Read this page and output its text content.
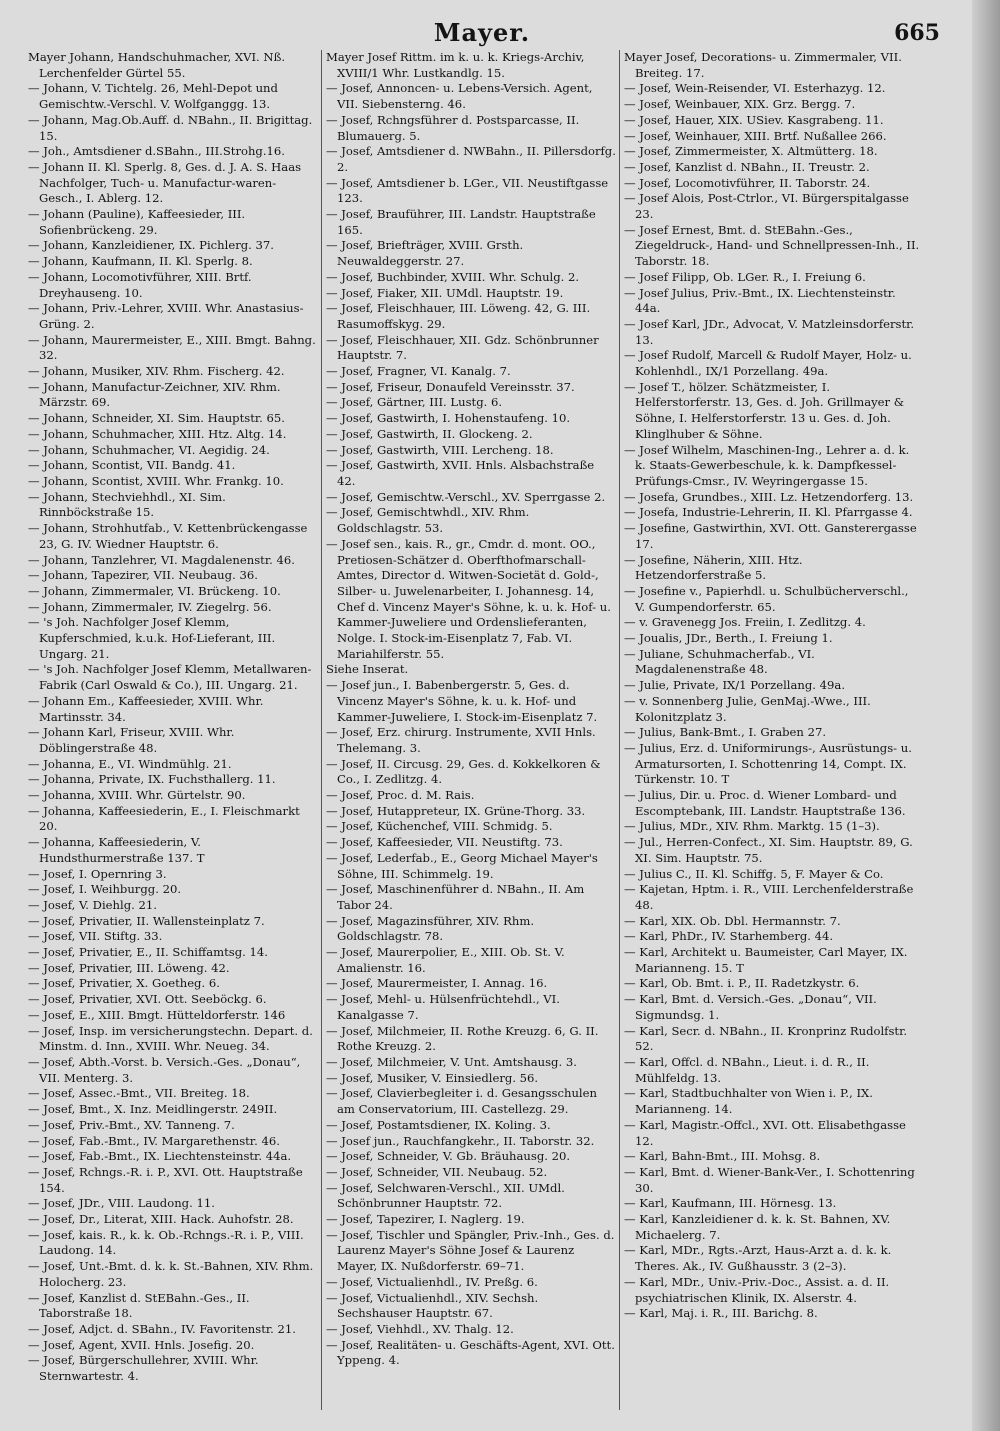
Mayer.	665

Mayer Johann, Handschuhmacher, XVI. Nß. Lerchenfelder Gürtel 55.

— Johann, V. Tichtelg. 26, Mehl-Depot und Gemischtw.-Verschl. V. Wolfganggg. 13.

— Johann, Mag.Ob.Auff. d. NBahn., II. Brigittag. 15.

— Joh., Amtsdiener d.SBahn., III.Strohg.16.

— Johann II. Kl. Sperlg. 8, Ges. d. J. A. S. Haas Nachfolger, Tuch- u. Manufactur-waren-Gesch., I. Ablerg. 12.

— Johann (Pauline), Kaffeesieder, III. Sofienbrückeng. 29.

— Johann, Kanzleidiener, IX. Pichlerg. 37.

— Johann, Kaufmann, II. Kl. Sperlg. 8.

— Johann, Locomotivführer, XIII. Brtf. Dreyhauseng. 10.

— Johann, Priv.-Lehrer, XVIII. Whr. Anastasius-Grüng. 2.

— Johann, Maurermeister, E., XIII. Bmgt. Bahng. 32.

— Johann, Musiker, XIV. Rhm. Fischerg. 42.

— Johann, Manufactur-Zeichner, XIV. Rhm. Märzstr. 69.

— Johann, Schneider, XI. Sim. Hauptstr. 65.

— Johann, Schuhmacher, XIII. Htz. Altg. 14.

— Johann, Schuhmacher, VI. Aegidig. 24.

— Johann, Scontist, VII. Bandg. 41.

— Johann, Scontist, XVIII. Whr. Frankg. 10.

— Johann, Stechviehhdl., XI. Sim. Rinnböckstraße 15.

— Johann, Strohhutfab., V. Kettenbrückengasse 23, G. IV. Wiedner Hauptstr. 6.

— Johann, Tanzlehrer, VI. Magdalenenstr. 46.

— Johann, Tapezirer, VII. Neubaug. 36.

— Johann, Zimmermaler, VI. Brückeng. 10.

— Johann, Zimmermaler, IV. Ziegelrg. 56.

— 's Joh. Nachfolger Josef Klemm, Kupferschmied, k.u.k. Hof-Lieferant, III. Ungarg. 21.

— 's Joh. Nachfolger Josef Klemm, Metallwaren-Fabrik (Carl Oswald & Co.), III. Ungarg. 21.

— Johann Em., Kaffeesieder, XVIII. Whr. Martinsstr. 34.

— Johann Karl, Friseur, XVIII. Whr. Döblingerstraße 48.

— Johanna, E., VI. Windmühlg. 21.

— Johanna, Private, IX. Fuchsthallerg. 11.

— Johanna, XVIII. Whr. Gürtelstr. 90.

— Johanna, Kaffeesiederin, E., I. Fleischmarkt 20.

— Johanna, Kaffeesiederin, V. Hundsthurmerstraße 137. T

— Josef, I. Opernring 3.

— Josef, I. Weihburgg. 20.

— Josef, V. Diehlg. 21.

— Josef, Privatier, II. Wallensteinplatz 7.

— Josef, VII. Stiftg. 33.

— Josef, Privatier, E., II. Schiffamtsg. 14.

— Josef, Privatier, III. Löweng. 42.

— Josef, Privatier, X. Goetheg. 6.

— Josef, Privatier, XVI. Ott. Seeböckg. 6.

— Josef, E., XIII. Bmgt. Hütteldorferstr. 146

— Josef, Insp. im versicherungstechn. Depart. d. Minstm. d. Inn., XVIII. Whr. Neueg. 34.

— Josef, Abth.-Vorst. b. Versich.-Ges. „Donau“, VII. Menterg. 3.

— Josef, Assec.-Bmt., VII. Breiteg. 18.

— Josef, Bmt., X. Inz. Meidlingerstr. 249II.

— Josef, Priv.-Bmt., XV. Tanneng. 7.

— Josef, Fab.-Bmt., IV. Margarethenstr. 46.

— Josef, Fab.-Bmt., IX. Liechtensteinstr. 44a.

— Josef, Rchngs.-R. i. P., XVI. Ott. Hauptstraße 154.

— Josef, JDr., VIII. Laudong. 11.

— Josef, Dr., Literat, XIII. Hack. Auhofstr. 28.

— Josef, kais. R., k. k. Ob.-Rchngs.-R. i. P., VIII. Laudong. 14.

— Josef, Unt.-Bmt. d. k. k. St.-Bahnen, XIV. Rhm. Holocherg. 23.

— Josef, Kanzlist d. StEBahn.-Ges., II. Taborstraße 18.

— Josef, Adjct. d. SBahn., IV. Favoritenstr. 21.

— Josef, Agent, XVII. Hnls. Josefig. 20.

— Josef, Bürgerschullehrer, XVIII. Whr. Sternwartestr. 4.

Mayer Josef Rittm. im k. u. k. Kriegs-Archiv, XVIII/1 Whr. Lustkandlg. 15.

— Josef, Annoncen- u. Lebens-Versich. Agent, VII. Siebensterng. 46.

— Josef, Rchngsführer d. Postsparcasse, II. Blumauerg. 5.

— Josef, Amtsdiener d. NWBahn., II. Pillersdorfg. 2.

— Josef, Amtsdiener b. LGer., VII. Neustiftgasse 123.

— Josef, Brauführer, III. Landstr. Hauptstraße 165.

— Josef, Briefträger, XVIII. Grsth. Neuwaldeggerstr. 27.

— Josef, Buchbinder, XVIII. Whr. Schulg. 2.

— Josef, Fiaker, XII. UMdl. Hauptstr. 19.

— Josef, Fleischhauer, III. Löweng. 42, G. III. Rasumoffskyg. 29.

— Josef, Fleischhauer, XII. Gdz. Schönbrunner Hauptstr. 7.

— Josef, Fragner, VI. Kanalg. 7.

— Josef, Friseur, Donaufeld Vereinsstr. 37.

— Josef, Gärtner, III. Lustg. 6.

— Josef, Gastwirth, I. Hohenstaufeng. 10.

— Josef, Gastwirth, II. Glockeng. 2.

— Josef, Gastwirth, VIII. Lercheng. 18.

— Josef, Gastwirth, XVII. Hnls. Alsbachstraße 42.

— Josef, Gemischtw.-Verschl., XV. Sperrgasse 2.

— Josef, Gemischtwhdl., XIV. Rhm. Goldschlagstr. 53.

— Josef sen., kais. R., gr., Cmdr. d. mont. OO., Pretiosen-Schätzer d. Oberfthofmarschall-Amtes, Director d. Witwen-Societät d. Gold-, Silber- u. Juwelenarbeiter, I. Johannesg. 14, Chef d. Vincenz Mayer's Söhne, k. u. k. Hof- u. Kammer-Juweliere und Ordenslieferanten, Nolge. I. Stock-im-Eisenplatz 7, Fab. VI. Mariahilferstr. 55.

Siehe Inserat.

— Josef jun., I. Babenbergerstr. 5, Ges. d. Vincenz Mayer's Söhne, k. u. k. Hof- und Kammer-Juweliere, I. Stock-im-Eisenplatz 7.

— Josef, Erz. chirurg. Instrumente, XVII Hnls. Thelemang. 3.

— Josef, II. Circusg. 29, Ges. d. Kokkelkoren & Co., I. Zedlitzg. 4.

— Josef, Proc. d. M. Rais.

— Josef, Hutappreteur, IX. Grüne-Thorg. 33.

— Josef, Küchenchef, VIII. Schmidg. 5.

— Josef, Kaffeesieder, VII. Neustiftg. 73.

— Josef, Lederfab., E., Georg Michael Mayer's Söhne, III. Schimmelg. 19.

— Josef, Maschinenführer d. NBahn., II. Am Tabor 24.

— Josef, Magazinsführer, XIV. Rhm. Goldschlagstr. 78.

— Josef, Maurerpolier, E., XIII. Ob. St. V. Amalienstr. 16.

— Josef, Maurermeister, I. Annag. 16.

— Josef, Mehl- u. Hülsenfrüchtehdl., VI. Kanalgasse 7.

— Josef, Milchmeier, II. Rothe Kreuzg. 6, G. II. Rothe Kreuzg. 2.

— Josef, Milchmeier, V. Unt. Amtshausg. 3.

— Josef, Musiker, V. Einsiedlerg. 56.

— Josef, Clavierbegleiter i. d. Gesangsschulen am Conservatorium, III. Castellezg. 29.

— Josef, Postamtsdiener, IX. Koling. 3.

— Josef jun., Rauchfangkehr., II. Taborstr. 32.

— Josef, Schneider, V. Gb. Bräuhausg. 20.

— Josef, Schneider, VII. Neubaug. 52.

— Josef, Selchwaren-Verschl., XII. UMdl. Schönbrunner Hauptstr. 72.

— Josef, Tapezirer, I. Naglerg. 19.

— Josef, Tischler und Spängler, Priv.-Inh., Ges. d. Laurenz Mayer's Söhne Josef & Laurenz Mayer, IX. Nußdorferstr. 69–71.

— Josef, Victualienhdl., IV. Preßg. 6.

— Josef, Victualienhdl., XIV. Sechsh. Sechshauser Hauptstr. 67.

— Josef, Viehhdl., XV. Thalg. 12.

— Josef, Realitäten- u. Geschäfts-Agent, XVI. Ott. Yppeng. 4.

Mayer Josef, Decorations- u. Zimmermaler, VII. Breiteg. 17.

— Josef, Wein-Reisender, VI. Esterhazyg. 12.

— Josef, Weinbauer, XIX. Grz. Bergg. 7.

— Josef, Hauer, XIX. USiev. Kasgrabeng. 11.

— Josef, Weinhauer, XIII. Brtf. Nußallee 266.

— Josef, Zimmermeister, X. Altmütterg. 18.

— Josef, Kanzlist d. NBahn., II. Treustr. 2.

— Josef, Locomotivführer, II. Taborstr. 24.

— Josef Alois, Post-Ctrlor., VI. Bürgerspitalgasse 23.

— Josef Ernest, Bmt. d. StEBahn.-Ges., Ziegeldruck-, Hand- und Schnellpressen-Inh., II. Taborstr. 18.

— Josef Filipp, Ob. LGer. R., I. Freiung 6.

— Josef Julius, Priv.-Bmt., IX. Liechtensteinstr. 44a.

— Josef Karl, JDr., Advocat, V. Matzleinsdorferstr. 13.

— Josef Rudolf, Marcell & Rudolf Mayer, Holz- u. Kohlenhdl., IX/1 Porzellang. 49a.

— Josef T., hölzer. Schätzmeister, I. Helferstorferstr. 13, Ges. d. Joh. Grillmayer & Söhne, I. Helferstorferstr. 13 u. Ges. d. Joh. Klinglhuber & Söhne.

— Josef Wilhelm, Maschinen-Ing., Lehrer a. d. k. k. Staats-Gewerbeschule, k. k. Dampfkessel-Prüfungs-Cmsr., IV. Weyringergasse 15.

— Josefa, Grundbes., XIII. Lz. Hetzendorferg. 13.

— Josefa, Industrie-Lehrerin, II. Kl. Pfarrgasse 4.

— Josefine, Gastwirthin, XVI. Ott. Gansterergasse 17.

— Josefine, Näherin, XIII. Htz. Hetzendorferstraße 5.

— Josefine v., Papierhdl. u. Schulbücherverschl., V. Gumpendorferstr. 65.

— v. Gravenegg Jos. Freiin, I. Zedlitzg. 4.

— Joualis, JDr., Berth., I. Freiung 1.

— Juliane, Schuhmacherfab., VI. Magdalenenstraße 48.

— Julie, Private, IX/1 Porzellang. 49a.

— v. Sonnenberg Julie, GenMaj.-Wwe., III. Kolonitzplatz 3.

— Julius, Bank-Bmt., I. Graben 27.

— Julius, Erz. d. Uniformirungs-, Ausrüstungs- u. Armatursorten, I. Schottenring 14, Compt. IX. Türkenstr. 10. T

— Julius, Dir. u. Proc. d. Wiener Lombard- und Escomptebank, III. Landstr. Hauptstraße 136.

— Julius, MDr., XIV. Rhm. Marktg. 15 (1–3).

— Jul., Herren-Confect., XI. Sim. Hauptstr. 89, G. XI. Sim. Hauptstr. 75.

— Julius C., II. Kl. Schiffg. 5, F. Mayer & Co.

— Kajetan, Hptm. i. R., VIII. Lerchenfelderstraße 48.

— Karl, XIX. Ob. Dbl. Hermannstr. 7.

— Karl, PhDr., IV. Starhemberg. 44.

— Karl, Architekt u. Baumeister, Carl Mayer, IX. Marianneng. 15. T

— Karl, Ob. Bmt. i. P., II. Radetzkystr. 6.

— Karl, Bmt. d. Versich.-Ges. „Donau“, VII. Sigmundsg. 1.

— Karl, Secr. d. NBahn., II. Kronprinz Rudolfstr. 52.

— Karl, Offcl. d. NBahn., Lieut. i. d. R., II. Mühlfeldg. 13.

— Karl, Stadtbuchhalter von Wien i. P., IX. Marianneng. 14.

— Karl, Magistr.-Offcl., XVI. Ott. Elisabethgasse 12.

— Karl, Bahn-Bmt., III. Mohsg. 8.

— Karl, Bmt. d. Wiener-Bank-Ver., I. Schottenring 30.

— Karl, Kaufmann, III. Hörnesg. 13.

— Karl, Kanzleidiener d. k. k. St. Bahnen, XV. Michaelerg. 7.

— Karl, MDr., Rgts.-Arzt, Haus-Arzt a. d. k. k. Theres. Ak., IV. Gußhausstr. 3 (2–3).

— Karl, MDr., Univ.-Priv.-Doc., Assist. a. d. II. psychiatrischen Klinik, IX. Alserstr. 4.

— Karl, Maj. i. R., III. Barichg. 8.
